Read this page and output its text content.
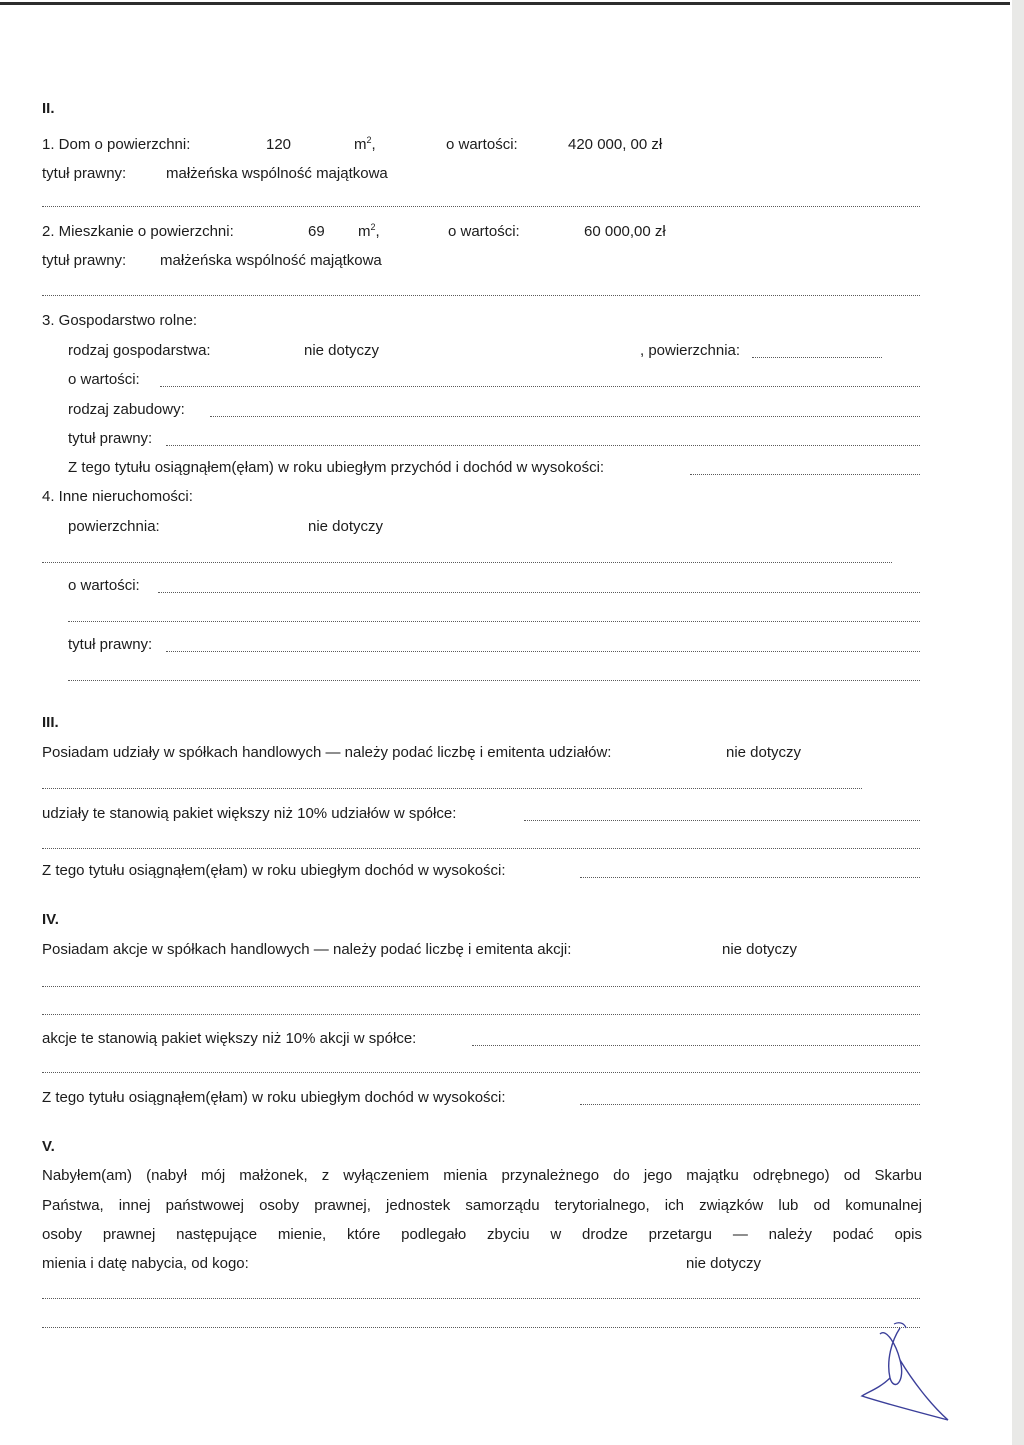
II.
1. Dom o powierzchni:	120	$m^2$,	o wartości:	420 000, 00 zł
tytuł prawny:	małżeńska wspólność majątkowa
2. Mieszkanie o powierzchni:	69 $m^2$,	o wartości:	60 000,00 zł
tytuł prawny: małżeńska wspólność majątkowa
3. Gospodarstwo rolne:
rodzaj gospodarstwa:	nie dotyczy	, powierzchnia:
o wartości:
rodzaj zabudowy:
tytuł prawny:
Z tego tytułu osiągnąłem(ęłam) w roku ubiegłym przychód i dochód w wysokości:
4. Inne nieruchomości:
powierzchnia:	nie dotyczy
o wartości:
tytuł prawny:
III.
Posiadam udziały w spółkach handlowych — należy podać liczbę i emitenta udziałów:	nie dotyczy
udziały te stanowią pakiet większy niż 10% udziałów w spółce:
Z tego tytułu osiągnąłem(ęłam) w roku ubiegłym dochód w wysokości:
IV.
Posiadam akcje w spółkach handlowych — należy podać liczbę i emitenta akcji:	nie dotyczy
akcje te stanowią pakiet większy niż 10% akcji w spółce:
Z tego tytułu osiągnąłem(ęłam) w roku ubiegłym dochód w wysokości:
V.
Nabyłem(am) (nabył mój małżonek, z wyłączeniem mienia przynależnego do jego majątku odrębnego) od Skarbu
Państwa, innej państwowej osoby prawnej, jednostek samorządu terytorialnego, ich związków lub od komunalnej
osoby prawnej następujące mienie, które podlegało zbyciu w drodze przetargu — należy podać opis
mienia i datę nabycia, od kogo:	nie dotyczy
